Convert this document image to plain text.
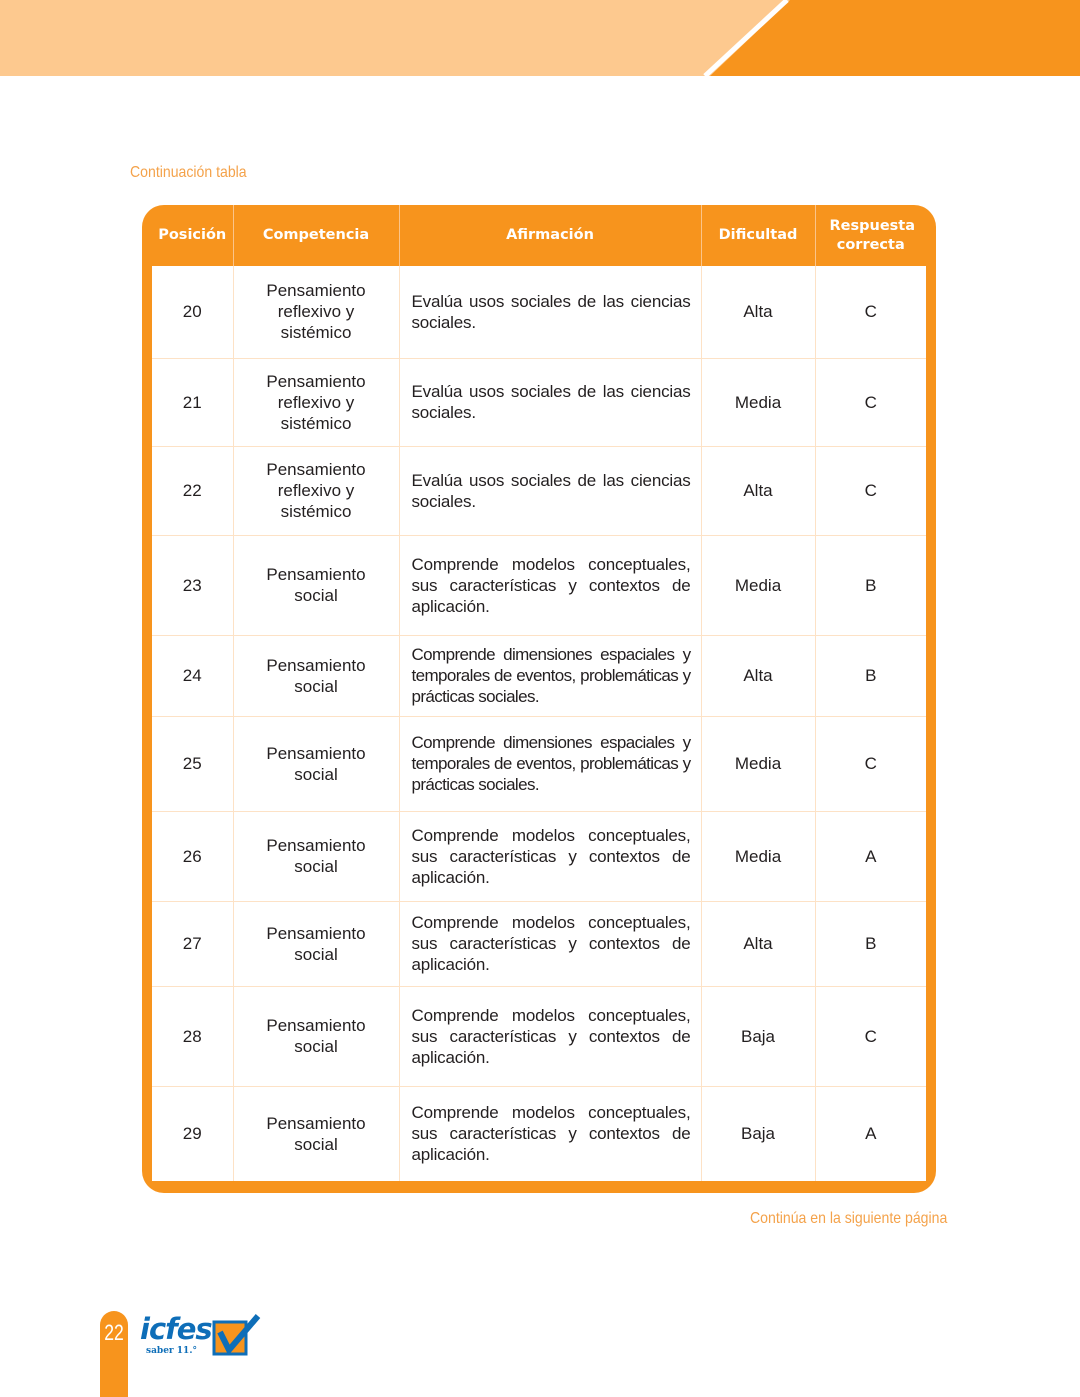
Continuación tabla
Posición	Competencia	Afirmación	Dificultad	Respuesta correcta
20	Pensamiento reflexivo y sistémico	Evalúa usos sociales de las ciencias sociales.	Alta	C
21	Pensamiento reflexivo y sistémico	Evalúa usos sociales de las ciencias sociales.	Media	C
22	Pensamiento reflexivo y sistémico	Evalúa usos sociales de las ciencias sociales.	Alta	C
23	Pensamiento social	Comprende modelos conceptuales, sus características y contextos de aplicación.	Media	B
24	Pensamiento social	Comprende dimensiones espaciales y temporales de eventos, problemáticas y prácticas sociales.	Alta	B
25	Pensamiento social	Comprende dimensiones espaciales y temporales de eventos, problemáticas y prácticas sociales.	Media	C
26	Pensamiento social	Comprende modelos conceptuales, sus características y contextos de aplicación.	Media	A
27	Pensamiento social	Comprende modelos conceptuales, sus características y contextos de aplicación.	Alta	B
28	Pensamiento social	Comprende modelos conceptuales, sus características y contextos de aplicación.	Baja	C
29	Pensamiento social	Comprende modelos conceptuales, sus características y contextos de aplicación.	Baja	A
Continúa en la siguiente página
22 icfes
saber 11.°
